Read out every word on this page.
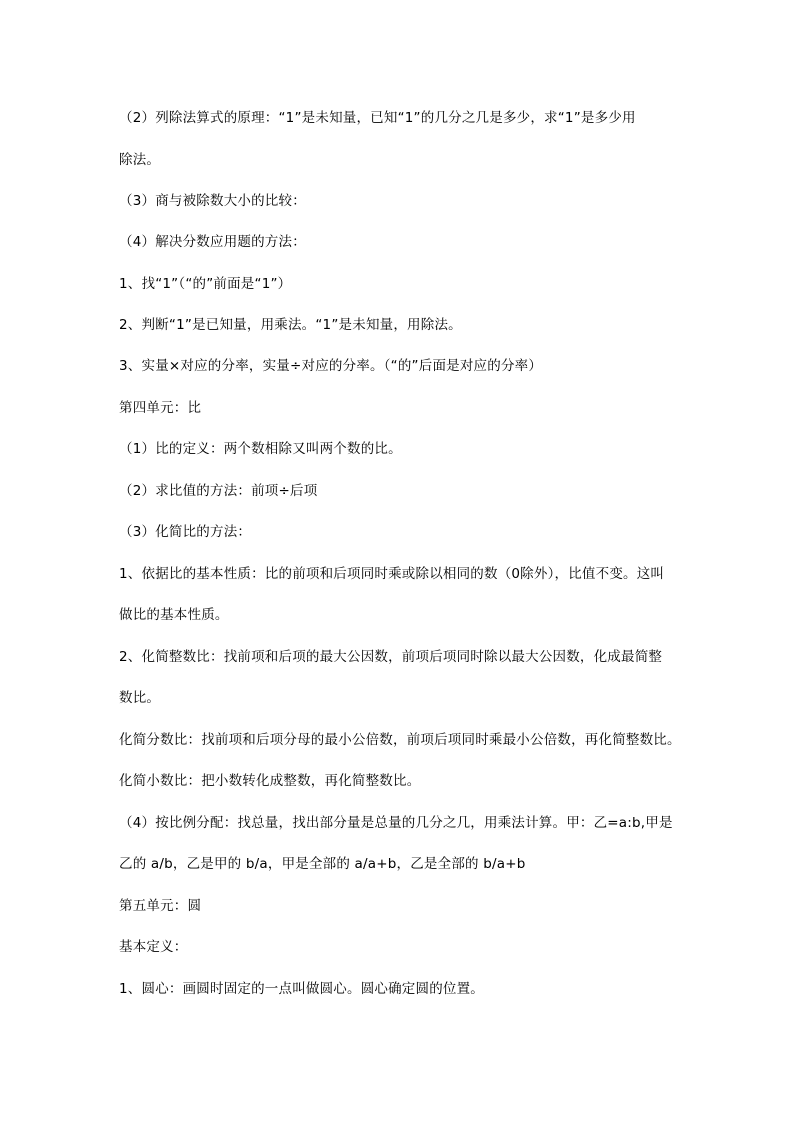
（2）列除法算式的原理：“1”是未知量，已知“1”的几分之几是多少，求“1”是多少用
除法。
（3）商与被除数大小的比较：
（4）解决分数应用题的方法：
1、找“1”（“的”前面是“1”）
2、判断“1”是已知量，用乘法。“1”是未知量，用除法。
3、实量×对应的分率，实量÷对应的分率。（“的”后面是对应的分率）
第四单元：比
（1）比的定义：两个数相除又叫两个数的比。
（2）求比值的方法：前项÷后项
（3）化简比的方法：
1、依据比的基本性质：比的前项和后项同时乘或除以相同的数（0除外），比值不变。这叫
做比的基本性质。
2、化简整数比：找前项和后项的最大公因数，前项后项同时除以最大公因数，化成最简整
数比。
化简分数比：找前项和后项分母的最小公倍数，前项后项同时乘最小公倍数，再化简整数比。
化简小数比：把小数转化成整数，再化简整数比。
（4）按比例分配：找总量，找出部分量是总量的几分之几，用乘法计算。甲：乙=a:b,甲是
乙的 a/b，乙是甲的 b/a，甲是全部的 a/a+b，乙是全部的 b/a+b
第五单元：圆
基本定义：
1、圆心：画圆时固定的一点叫做圆心。圆心确定圆的位置。
